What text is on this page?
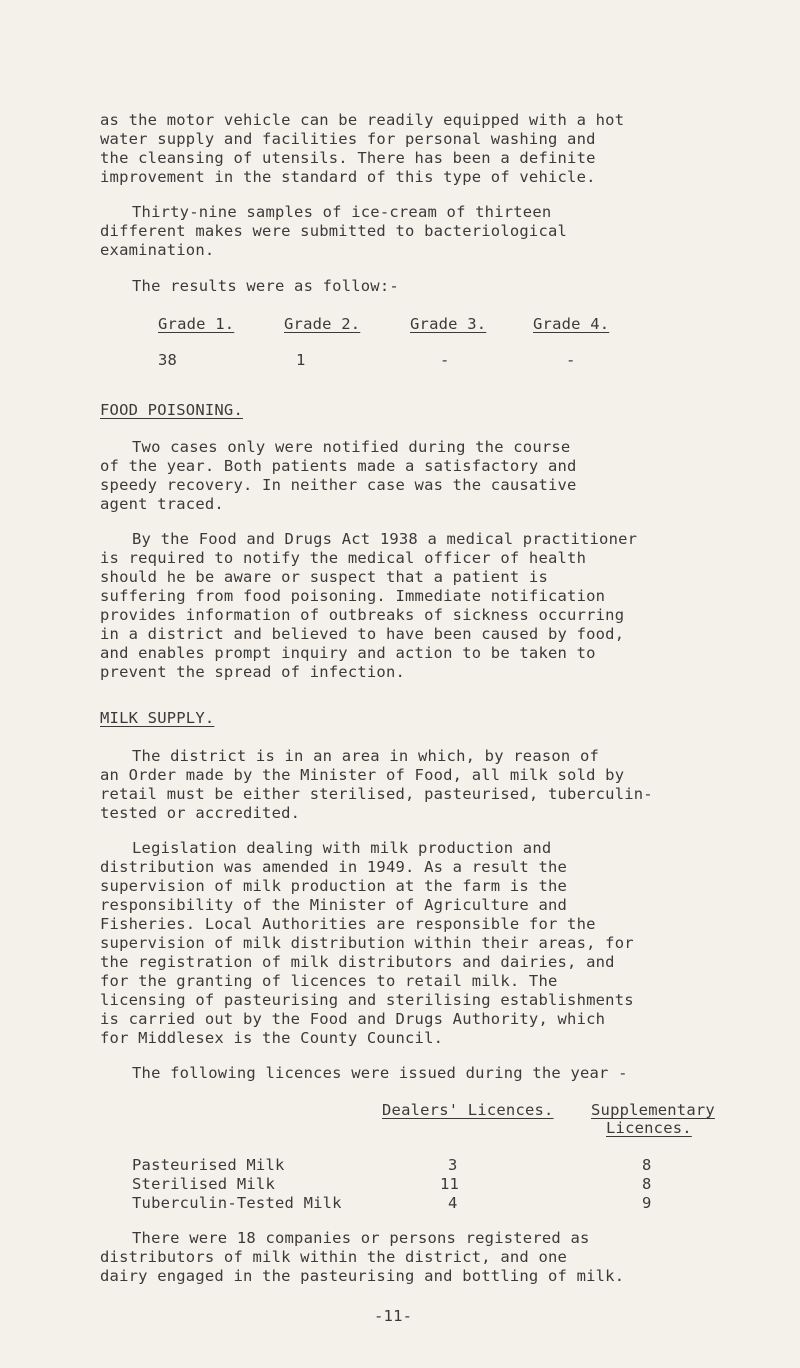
as the motor vehicle can be readily equipped with a hot
water supply and facilities for personal washing and
the cleansing of utensils. There has been a definite
improvement in the standard of this type of vehicle.
Thirty-nine samples of ice-cream of thirteen
different makes were submitted to bacteriological
examination.
The results were as follow:-
Grade 1.	Grade 2.	Grade 3.	Grade 4.
38	1	-	-
FOOD POISONING.
Two cases only were notified during the course
of the year. Both patients made a satisfactory and
speedy recovery. In neither case was the causative
agent traced.
By the Food and Drugs Act 1938 a medical practitioner
is required to notify the medical officer of health
should he be aware or suspect that a patient is
suffering from food poisoning. Immediate notification
provides information of outbreaks of sickness occurring
in a district and believed to have been caused by food,
and enables prompt inquiry and action to be taken to
prevent the spread of infection.
MILK SUPPLY.
The district is in an area in which, by reason of
an Order made by the Minister of Food, all milk sold by
retail must be either sterilised, pasteurised, tuberculin-
tested or accredited.
Legislation dealing with milk production and
distribution was amended in 1949. As a result the
supervision of milk production at the farm is the
responsibility of the Minister of Agriculture and
Fisheries. Local Authorities are responsible for the
supervision of milk distribution within their areas, for
the registration of milk distributors and dairies, and
for the granting of licences to retail milk. The
licensing of pasteurising and sterilising establishments
is carried out by the Food and Drugs Authority, which
for Middlesex is the County Council.
The following licences were issued during the year -
Dealers' Licences. Supplementary
Licences.
Pasteurised Milk	3	8
Sterilised Milk	11	8
Tuberculin-Tested Milk	4	9
There were 18 companies or persons registered as
distributors of milk within the district, and one
dairy engaged in the pasteurising and bottling of milk.
-11-
